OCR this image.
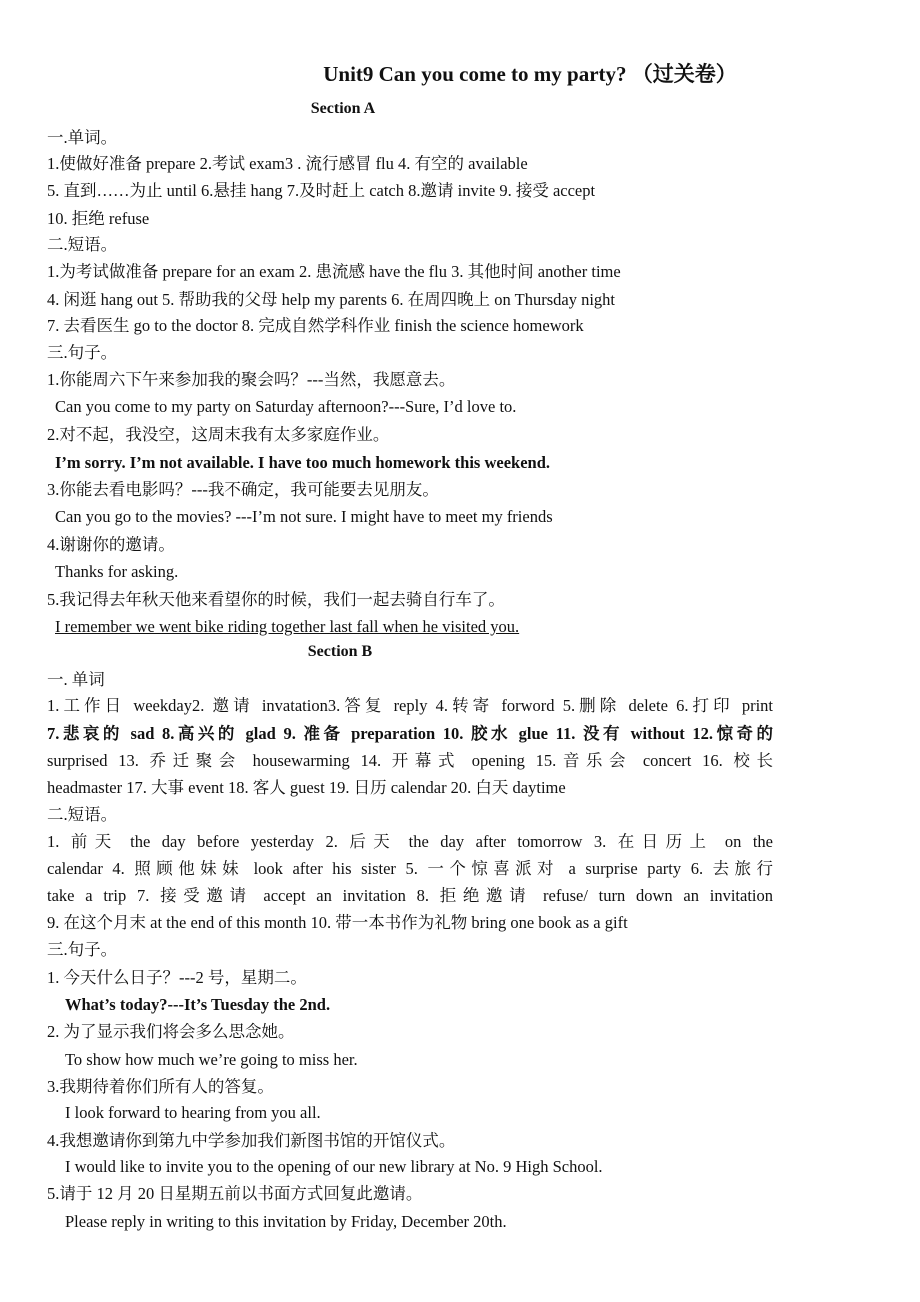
Unit9 Can you come to my party? （过关卷）
Section A
一.单词。
1.使做好准备 prepare 2.考试 exam3 . 流行感冒 flu 4. 有空的 available
5. 直到……为止 until 6.悬挂 hang 7.及时赶上 catch 8.邀请 invite 9. 接受 accept
10. 拒绝 refuse
二.短语。
1.为考试做准备 prepare for an exam 2. 患流感 have the flu 3. 其他时间 another time
4. 闲逛 hang out 5. 帮助我的父母 help my parents 6. 在周四晚上 on Thursday night
7. 去看医生 go to the doctor 8. 完成自然学科作业 finish the science homework
三.句子。
1.你能周六下午来参加我的聚会吗？---当然，我愿意去。
Can you come to my party on Saturday afternoon?---Sure, I’d love to.
2.对不起，我没空，这周末我有太多家庭作业。
I’m sorry. I’m not available. I have too much homework this weekend.
3.你能去看电影吗？---我不确定，我可能要去见朋友。
Can you go to the movies? ---I’m not sure. I might have to meet my friends
4.谢谢你的邀请。
Thanks for asking.
5.我记得去年秋天他来看望你的时候，我们一起去骑自行车了。
I remember we went bike riding together last fall when he visited you.
Section B
一. 单词
1.工作日 weekday2. 邀请 invatation3.答复 reply 4.转寄 forword 5.删除 delete 6.打印 print
7.悲哀的 sad 8.高兴的 glad 9. 准备 preparation 10. 胶水 glue 11. 没有 without 12.惊奇的
surprised 13. 乔迁聚会 housewarming 14. 开幕式 opening 15.音乐会 concert 16. 校长
headmaster 17. 大事 event 18. 客人 guest 19. 日历 calendar 20. 白天 daytime
二.短语。
1. 前天 the day before yesterday 2. 后天 the day after tomorrow 3. 在日历上 on the
calendar 4. 照顾他妹妹 look after his sister 5. 一个惊喜派对 a surprise party 6. 去旅行
take a trip 7. 接受邀请 accept an invitation 8. 拒绝邀请 refuse/ turn down an invitation
9. 在这个月末 at the end of this month 10. 带一本书作为礼物 bring one book as a gift
三.句子。
1. 今天什么日子？---2 号，星期二。
What’s today?---It’s Tuesday the 2nd.
2. 为了显示我们将会多么思念她。
To show how much we’re going to miss her.
3.我期待着你们所有人的答复。
I look forward to hearing from you all.
4.我想邀请你到第九中学参加我们新图书馆的开馆仪式。
I would like to invite you to the opening of our new library at No. 9 High School.
5.请于 12 月 20 日星期五前以书面方式回复此邀请。
Please reply in writing to this invitation by Friday, December 20th.
